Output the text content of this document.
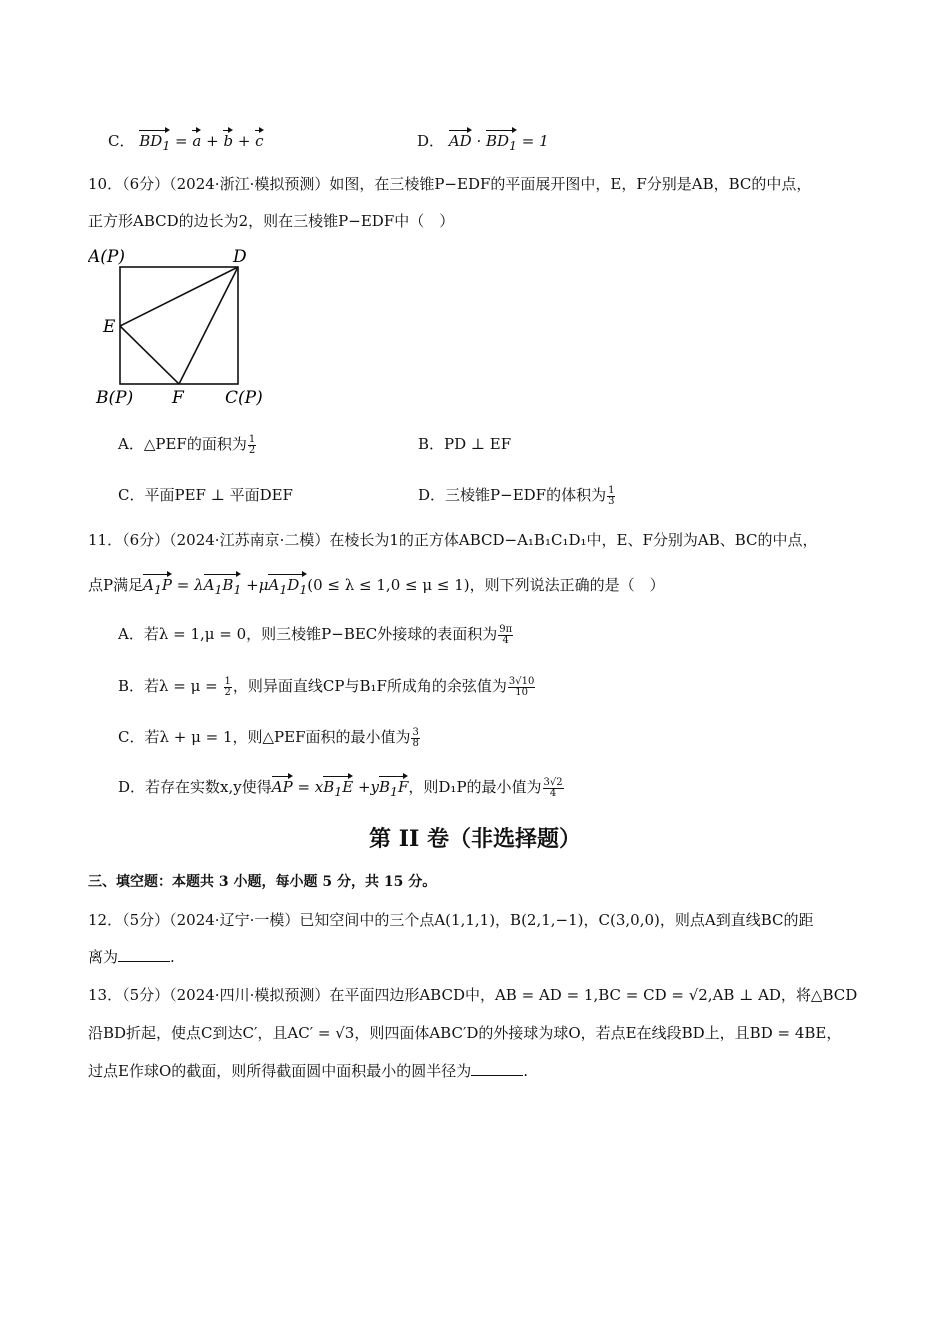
C． $BD_1 = a + b + c$	D． AD · $BD_1 = 1$
10．（6分）（2024·浙江·模拟预测）如图，在三棱锥P−EDF的平面展开图中，E，F分别是AB，BC的中点，
正方形ABCD的边长为2，则在三棱锥P−EDF中（　）
A(P)	D
E
B(P) F C(P)
A．△PEF的面积为 $\frac{1}{2}$	B．PD ⊥ EF
C．平面PEF ⊥ 平面DEF	D．三棱锥P−EDF的体积为 $\frac{1}{3}$
11．（6分）（2024·江苏南京·二模）在棱长为1的正方体ABCD−A₁B₁C₁D₁中，E、F分别为AB、BC的中点，
点P满足$A_1P = \lambda A_1B_1 +\mu A_1D_1(0 \le \lambda \le 1,0 \le \mu \le 1)$，则下列说法正确的是（　）
A．若λ = 1,μ = 0，则三棱锥P−BEC外接球的表面积为 $\frac{9\pi}{4}$
B．若$\lambda = \mu = \frac{1}{2}$ ，则异面直线CP与B₁F所成角的余弦值为 $\frac{3√10}{10}$
C．若λ + μ = 1，则△PEF面积的最小值为 $\frac{3}{8}$
D．若存在实数x,y使得AP = $xB_1E +yB_1F$，则D₁P的最小值为 $\frac{3√2}{4}$
第 II 卷（非选择题）
三、填空题：本题共 3 小题，每小题 5 分，共 15 分。
12．（5分）（2024·辽宁·一模）已知空间中的三个点A(1,1,1)，B(2,1,−1)，C(3,0,0)，则点A到直线BC的距
离为	.
13．（5分）（2024·四川·模拟预测）在平面四边形ABCD中，AB = AD = 1,BC = CD = √2,AB ⊥ AD，将△BCD
沿BD折起，使点C到达C′，且AC′ = √3，则四面体ABC′D的外接球为球O，若点E在线段BD上，且BD = 4BE，
过点E作球O的截面，则所得截面圆中面积最小的圆半径为	.
